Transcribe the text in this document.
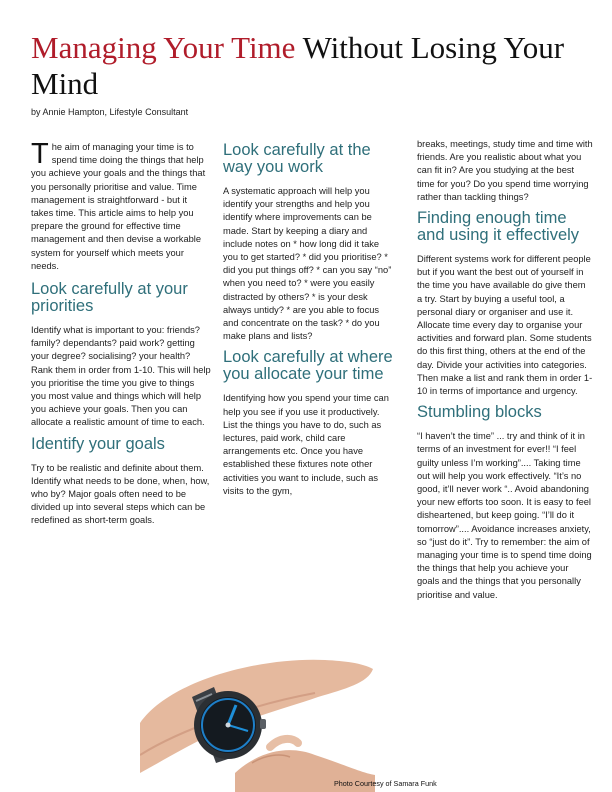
Managing Your Time Without Losing Your Mind
by Annie Hampton, Lifestyle Consultant

The aim of managing your time is to spend time doing the things that help you achieve your goals and the things that you personally prioritise and value. Time management is straightforward - but it takes time. This article aims to help you prepare the ground for effective time management and then devise a workable system for yourself which meets your needs.

Look carefully at your priorities

Identify what is important to you: friends? family? dependants? paid work? getting your degree? socialising? your health? Rank them in order from 1-10. This will help you prioritise the time you give to things you most value and things which will help you achieve your goals. Then you can allocate a realistic amount of time to each.

Identify your goals

Try to be realistic and definite about them. Identify what needs to be done, when, how, who by? Major goals often need to be divided up into several steps which can be redefined as short-term goals.

Look carefully at the way you work

A systematic approach will help you identify your strengths and help you identify where improvements can be made. Start by keeping a diary and include notes on * how long did it take you to get started? * did you prioritise? * did you put things off? * can you say “no” when you need to? * were you easily distracted by others? * is your desk always untidy? * are you able to focus and concentrate on the task? * do you make plans and lists?

Look carefully at where you allocate your time

Identifying how you spend your time can help you see if you use it productively. List the things you have to do, such as lectures, paid work, child care arrangements etc. Once you have established these fixtures note other activities you want to include, such as visits to the gym,

breaks, meetings, study time and time with friends. Are you realistic about what you can fit in? Are you studying at the best time for you? Do you spend time worrying rather than tackling things?

Finding enough time and using it effectively

Different systems work for different people but if you want the best out of yourself in the time you have available do give them a try. Start by buying a useful tool, a personal diary or organiser and use it. Allocate time every day to organise your activities and forward plan. Some students do this first thing, others at the end of the day. Divide your activities into categories. Then make a list and rank them in order 1-10 in terms of importance and urgency.

Stumbling blocks

“I haven’t the time” ... try and think of it in terms of an investment for ever!! “I feel guilty unless I’m working”.... Taking time out will help you work effectively. “It’s no good, it’ll never work “.. Avoid abandoning your new efforts too soon. It is easy to feel disheartened, but keep going. “I’ll do it tomorrow”.... Avoidance increases anxiety, so “just do it”. Try to remember: the aim of managing your time is to spend time doing the things that help you achieve your goals and the things that you personally prioritise and value.

Photo Courtesy of Samara Funk
